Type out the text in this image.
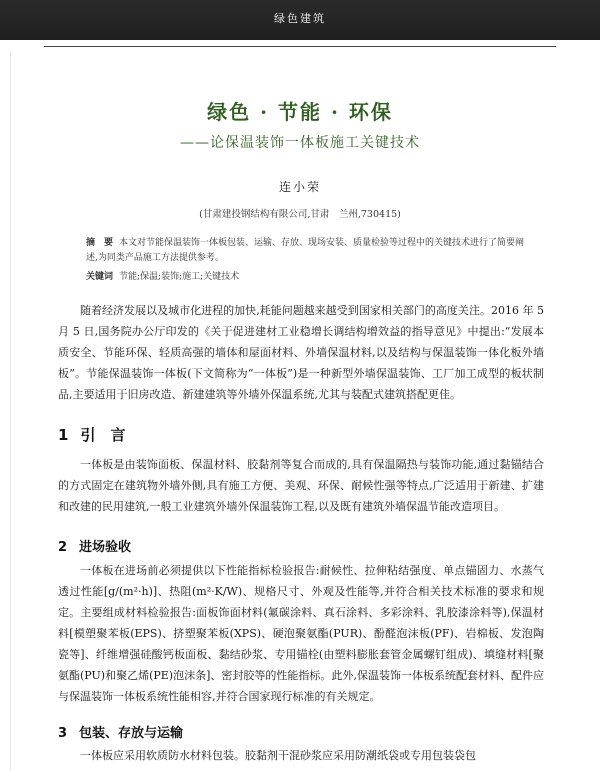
绿色建筑
绿色 · 节能 · 环保
——论保温装饰一体板施工关键技术
连小荣
(甘肃建投钢结构有限公司,甘肃　兰州,730415)
摘　要 本文对节能保温装饰一体板包装、运输、存放、现场安装、质量检验等过程中的关键技术进行了简要阐述,为同类产品施工方法提供参考。
关键词 节能;保温;装饰;施工;关键技术
随着经济发展以及城市化进程的加快,耗能问题越来越受到国家相关部门的高度关注。2016 年 5 月 5 日,国务院办公厅印发的《关于促进建材工业稳增长调结构增效益的指导意见》中提出:“发展本质安全、节能环保、轻质高强的墙体和屋面材料、外墙保温材料,以及结构与保温装饰一体化板外墙板”。节能保温装饰一体板(下文简称为“一体板”)是一种新型外墙保温装饰、工厂加工成型的板状制品,主要适用于旧房改造、新建建筑等外墙外保温系统,尤其与装配式建筑搭配更佳。
1 引　言
一体板是由装饰面板、保温材料、胶黏剂等复合而成的,具有保温隔热与装饰功能,通过黏锚结合的方式固定在建筑物外墙外侧,具有施工方便、美观、环保、耐候性强等特点,广泛适用于新建、扩建和改建的民用建筑,一般工业建筑外墙外保温装饰工程,以及既有建筑外墙保温节能改造项目。
2 进场验收
一体板在进场前必须提供以下性能指标检验报告:耐候性、拉伸粘结强度、单点锚固力、水蒸气透过性能[g/(m²·h)]、热阻(m²·K/W)、规格尺寸、外观及性能等,并符合相关技术标准的要求和规定。主要组成材料检验报告:面板饰面材料(氟碳涂料、真石涂料、多彩涂料、乳胶漆涂料等),保温材料[模塑聚苯板(EPS)、挤塑聚苯板(XPS)、硬泡聚氨酯(PUR)、酚醛泡沫板(PF)、岩棉板、发泡陶瓷等]、纤维增强硅酸钙板面板、黏结砂浆、专用锚栓(由塑料膨胀套管金属螺钉组成)、填缝材料[聚氨酯(PU)和聚乙烯(PE)泡沫条]、密封胶等的性能指标。此外,保温装饰一体板系统配套材料、配件应与保温装饰一体板系统性能相容,并符合国家现行标准的有关规定。
3 包装、存放与运输
一体板应采用软质防水材料包装。胶黏剂干混砂浆应采用防潮纸袋或专用包装袋包
